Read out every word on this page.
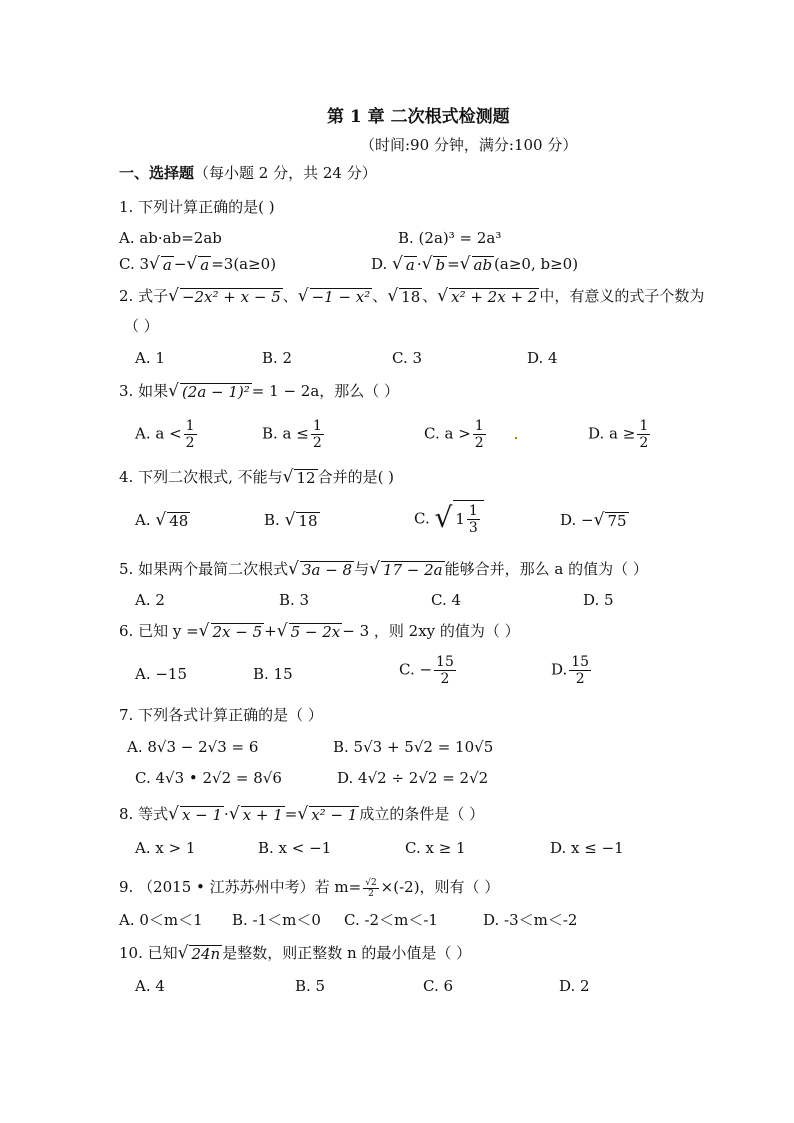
第 1 章 二次根式检测题
（时间:90 分钟，满分:100 分）
一、选择题（每小题 2 分，共 24 分）
1. 下列计算正确的是( )
A. ab·ab=2ab	B. (2a)³ = 2a³
C. 3 √ a − √ a =3(a≥0)	D. √ a · √ b = √ ab (a≥0, b≥0)
2. 式子 √ −2x² + x − 5 、 √ −1 − x² 、 √ 18 、 √ x² + 2x + 2 中，有意义的式子个数为
（ ）
A. 1	B. 2	C. 3	D. 4
3. 如果 √ (2a − 1)² = 1 − 2a，那么（ ）
A. $a < \frac{1}{2}$	B. $a \le \frac{1}{2}$	C. $a > \frac{1}{2}$	D. $a \ge \frac{1}{2}$
4. 下列二次根式, 不能与 √ 12 合并的是( )
A. √ 48	B. √ 18	C. √ $1 \frac{1}{3}$	D. − √ 75
5. 如果两个最简二次根式 √ 3a − 8 与 √ 17 − 2a 能够合并，那么 a 的值为（ ）
A. 2	B. 3	C. 4	D. 5
6. 已知 y = √ 2x − 5 + √ 5 − 2x − 3 ，则 2xy 的值为（ ）
A. −15	B. 15	C. − $\frac{15}{2}$	D. $\frac{15}{2}$
7. 下列各式计算正确的是（ ）
A. 8√3 − 2√3 = 6	B. 5√3 + 5√2 = 10√5
C. 4√3 • 2√2 = 8√6	D. 4√2 ÷ 2√2 = 2√2
8. 等式 √ x − 1 · √ x + 1 = √ x² − 1 成立的条件是（ ）
A. x > 1	B. x < −1	C. x ≥ 1	D. x ≤ −1
9. （2015 • 江苏苏州中考）若 $m= \frac{√2}{2} \times(-2)$，则有（ ）
A. 0＜m＜1 B. -1＜m＜0 C. -2＜m＜-1	D. -3＜m＜-2
10. 已知 √ 24n 是整数，则正整数 n 的最小值是（ ）
A. 4	B. 5	C. 6	D. 2
